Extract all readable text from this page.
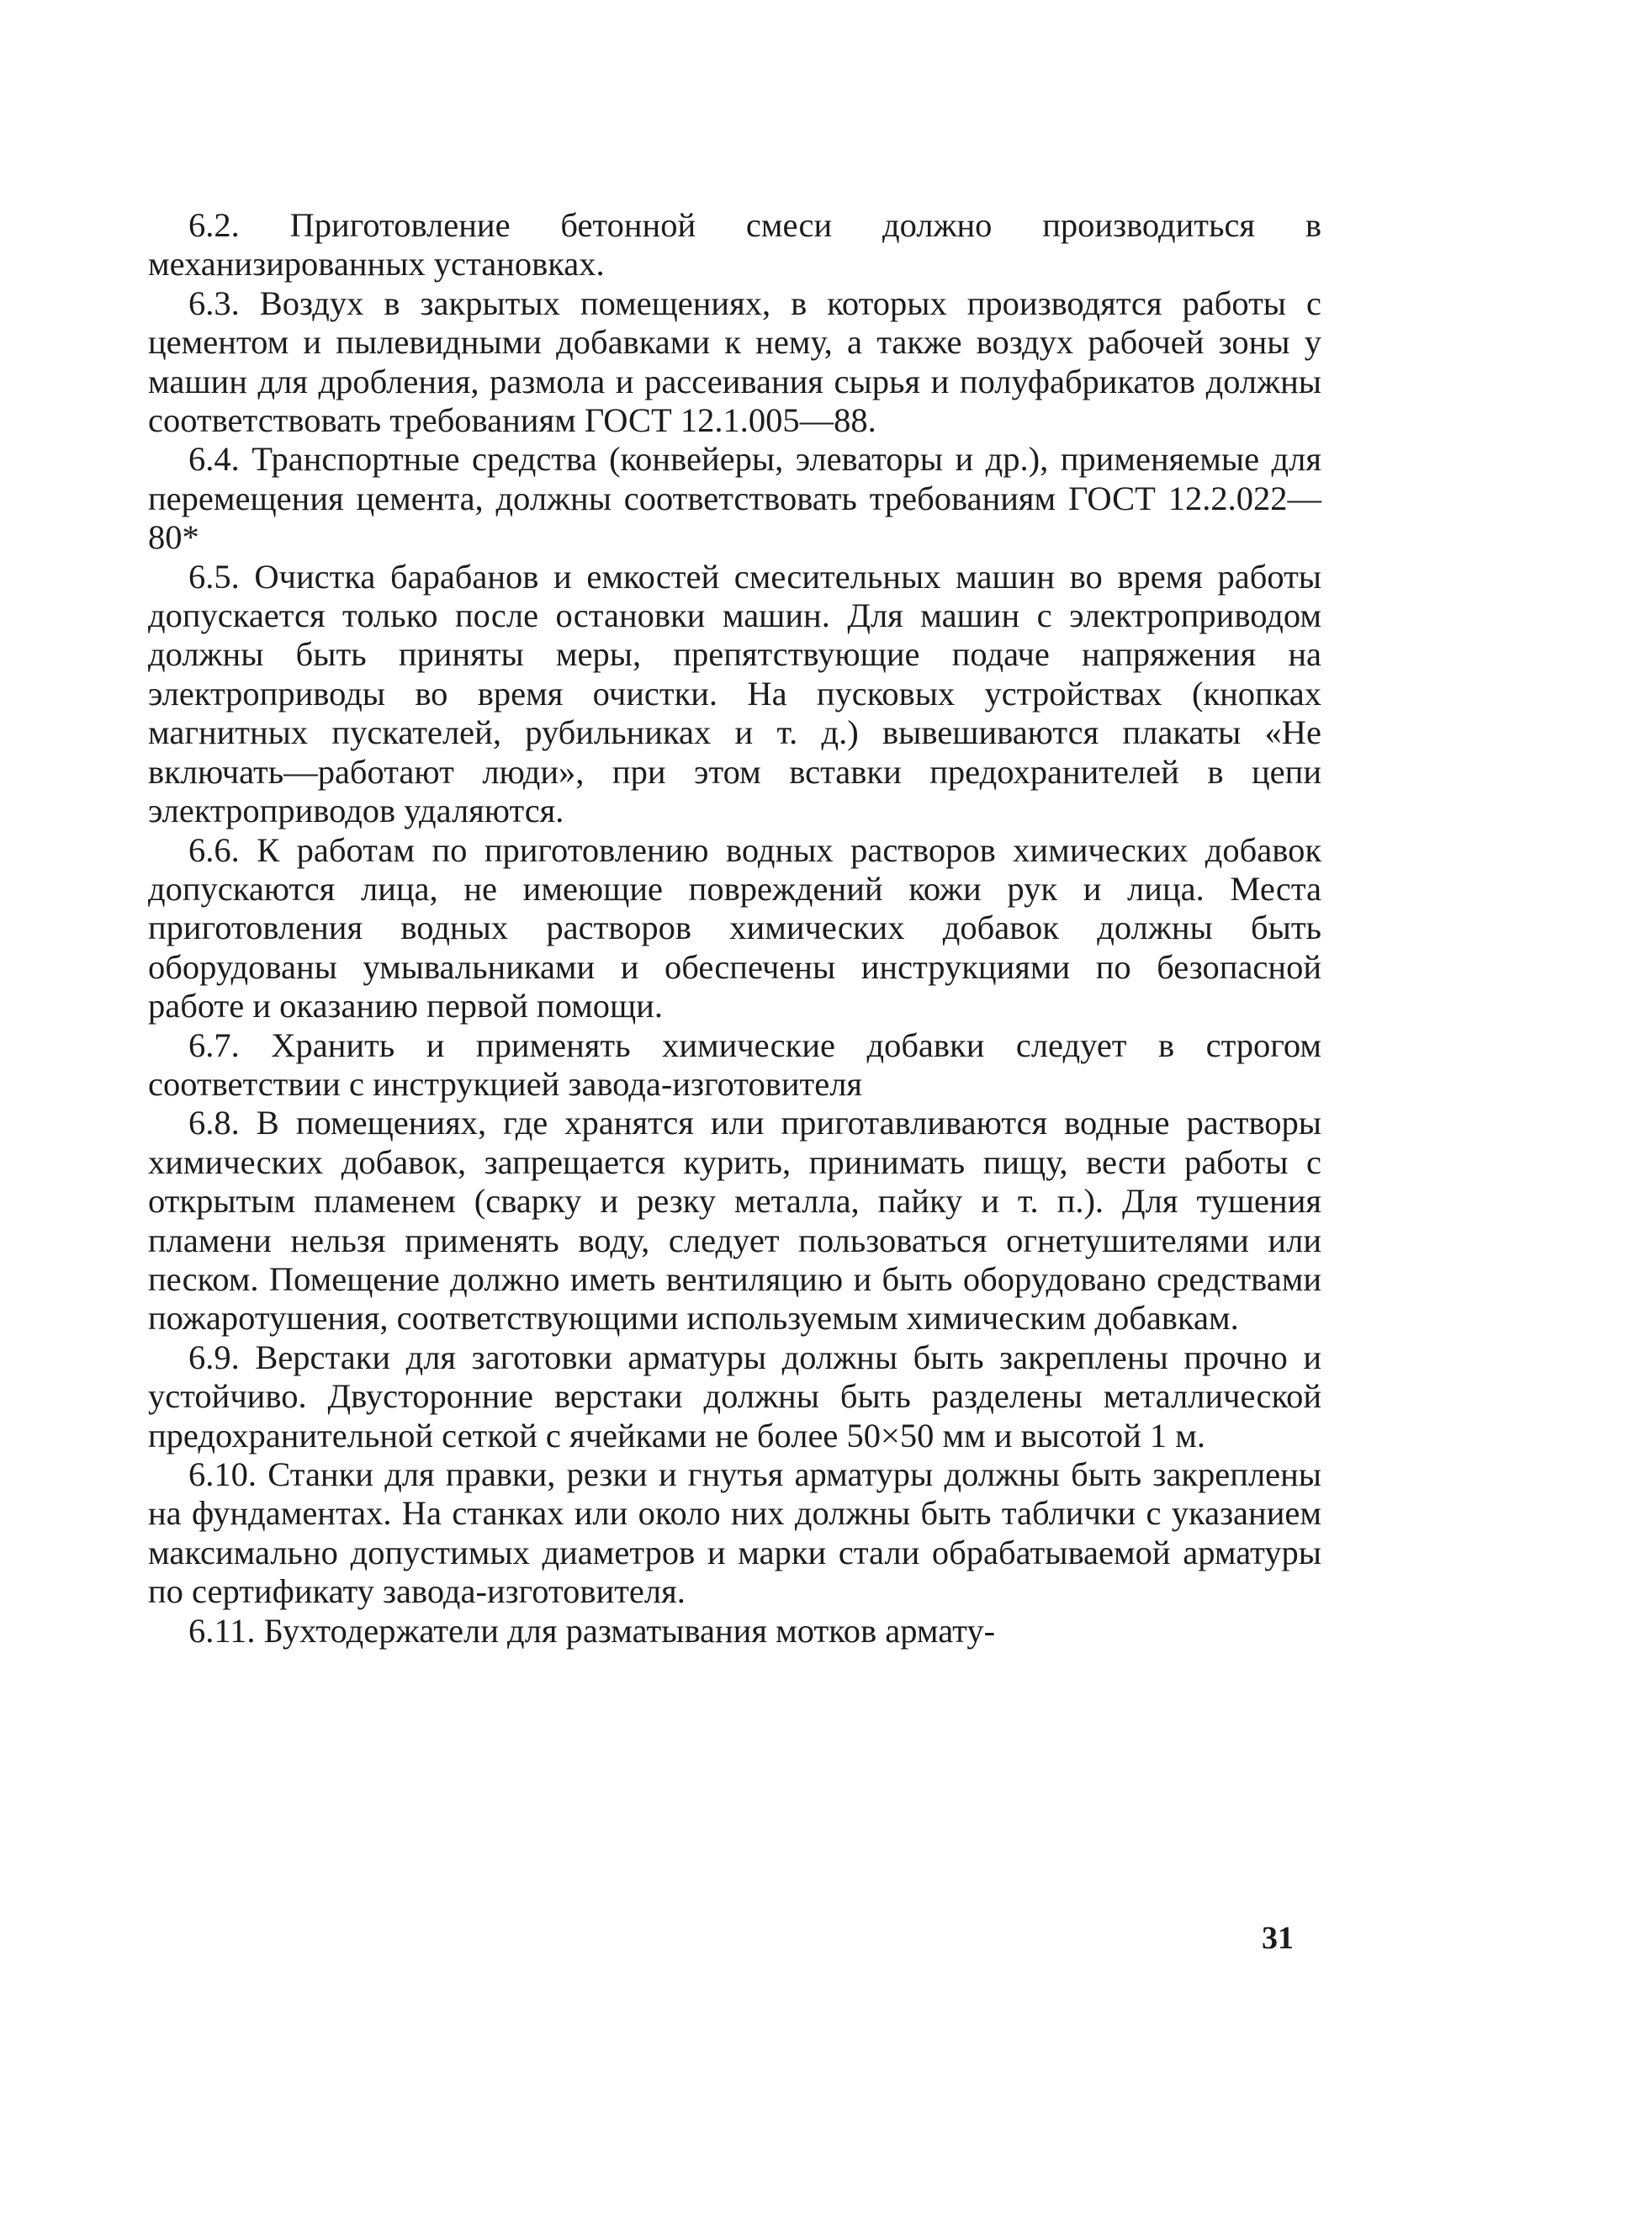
6.2. Приготовление бетонной смеси должно производиться в механизированных установках.

6.3. Воздух в закрытых помещениях, в которых производятся работы с цементом и пылевидными добавками к нему, а также воздух рабочей зоны у машин для дробления, размола и рассеивания сырья и полуфабрикатов должны соответствовать требованиям ГОСТ 12.1.005—88.

6.4. Транспортные средства (конвейеры, элеваторы и др.), применяемые для перемещения цемента, должны соответствовать требованиям ГОСТ 12.2.022—80*

6.5. Очистка барабанов и емкостей смесительных машин во время работы допускается только после остановки машин. Для машин с электроприводом должны быть приняты меры, препятствующие подаче напряжения на электроприводы во время очистки. На пусковых устройствах (кнопках магнитных пускателей, рубильниках и т. д.) вывешиваются плакаты «Не включать—работают люди», при этом вставки предохранителей в цепи электроприводов удаляются.

6.6. К работам по приготовлению водных растворов химических добавок допускаются лица, не имеющие повреждений кожи рук и лица. Места приготовления водных растворов химических добавок должны быть оборудованы умывальниками и обеспечены инструкциями по безопасной работе и оказанию первой помощи.

6.7. Хранить и применять химические добавки следует в строгом соответствии с инструкцией завода-изготовителя

6.8. В помещениях, где хранятся или приготавливаются водные растворы химических добавок, запрещается курить, принимать пищу, вести работы с открытым пламенем (сварку и резку металла, пайку и т. п.). Для тушения пламени нельзя применять воду, следует пользоваться огнетушителями или песком. Помещение должно иметь вентиляцию и быть оборудовано средствами пожаротушения, соответствующими используемым химическим добавкам.

6.9. Верстаки для заготовки арматуры должны быть закреплены прочно и устойчиво. Двусторонние верстаки должны быть разделены металлической предохранительной сеткой с ячейками не более 50×50 мм и высотой 1 м.

6.10. Станки для правки, резки и гнутья арматуры должны быть закреплены на фундаментах. На станках или около них должны быть таблички с указанием максимально допустимых диаметров и марки стали обрабатываемой арматуры по сертификату завода-изготовителя.

6.11. Бухтодержатели для разматывания мотков армату-

31
